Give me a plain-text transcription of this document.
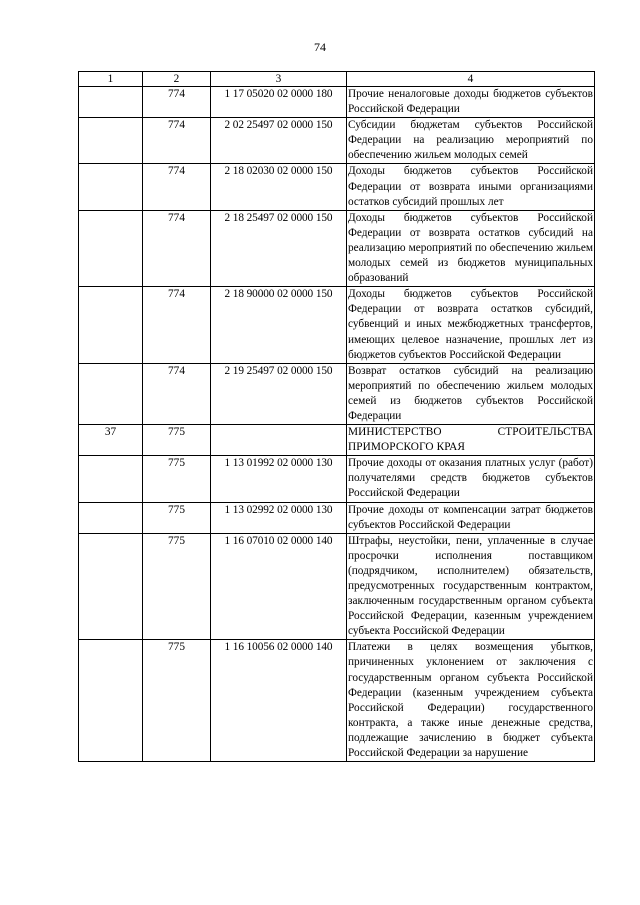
74
1	2	3	4
	774	1 17 05020 02 0000 180	Прочие неналоговые доходы бюджетов субъектов Российской Федерации
	774	2 02 25497 02 0000 150	Субсидии бюджетам субъектов Российской Федерации на реализацию мероприятий по обеспечению жильем молодых семей
	774	2 18 02030 02 0000 150	Доходы бюджетов субъектов Российской Федерации от возврата иными организациями остатков субсидий прошлых лет
	774	2 18 25497 02 0000 150	Доходы бюджетов субъектов Российской Федерации от возврата остатков субсидий на реализацию мероприятий по обеспечению жильем молодых семей из бюджетов муниципальных образований
	774	2 18 90000 02 0000 150	Доходы бюджетов субъектов Российской Федерации от возврата остатков субсидий, субвенций и иных межбюджетных трансфертов, имеющих целевое назначение, прошлых лет из бюджетов субъектов Российской Федерации
	774	2 19 25497 02 0000 150	Возврат остатков субсидий на реализацию мероприятий по обеспечению жильем молодых семей из бюджетов субъектов Российской Федерации
37	775		МИНИСТЕРСТВО СТРОИТЕЛЬСТВА ПРИМОРСКОГО КРАЯ
	775	1 13 01992 02 0000 130	Прочие доходы от оказания платных услуг (работ) получателями средств бюджетов субъектов Российской Федерации
	775	1 13 02992 02 0000 130	Прочие доходы от компенсации затрат бюджетов субъектов Российской Федерации
	775	1 16 07010 02 0000 140	Штрафы, неустойки, пени, уплаченные в случае просрочки исполнения поставщиком (подрядчиком, исполнителем) обязательств, предусмотренных государственным контрактом, заключенным государственным органом субъекта Российской Федерации, казенным учреждением субъекта Российской Федерации
	775	1 16 10056 02 0000 140	Платежи в целях возмещения убытков, причиненных уклонением от заключения с государственным органом субъекта Российской Федерации (казенным учреждением субъекта Российской Федерации) государственного контракта, а также иные денежные средства, подлежащие зачислению в бюджет субъекта Российской Федерации за нарушение
